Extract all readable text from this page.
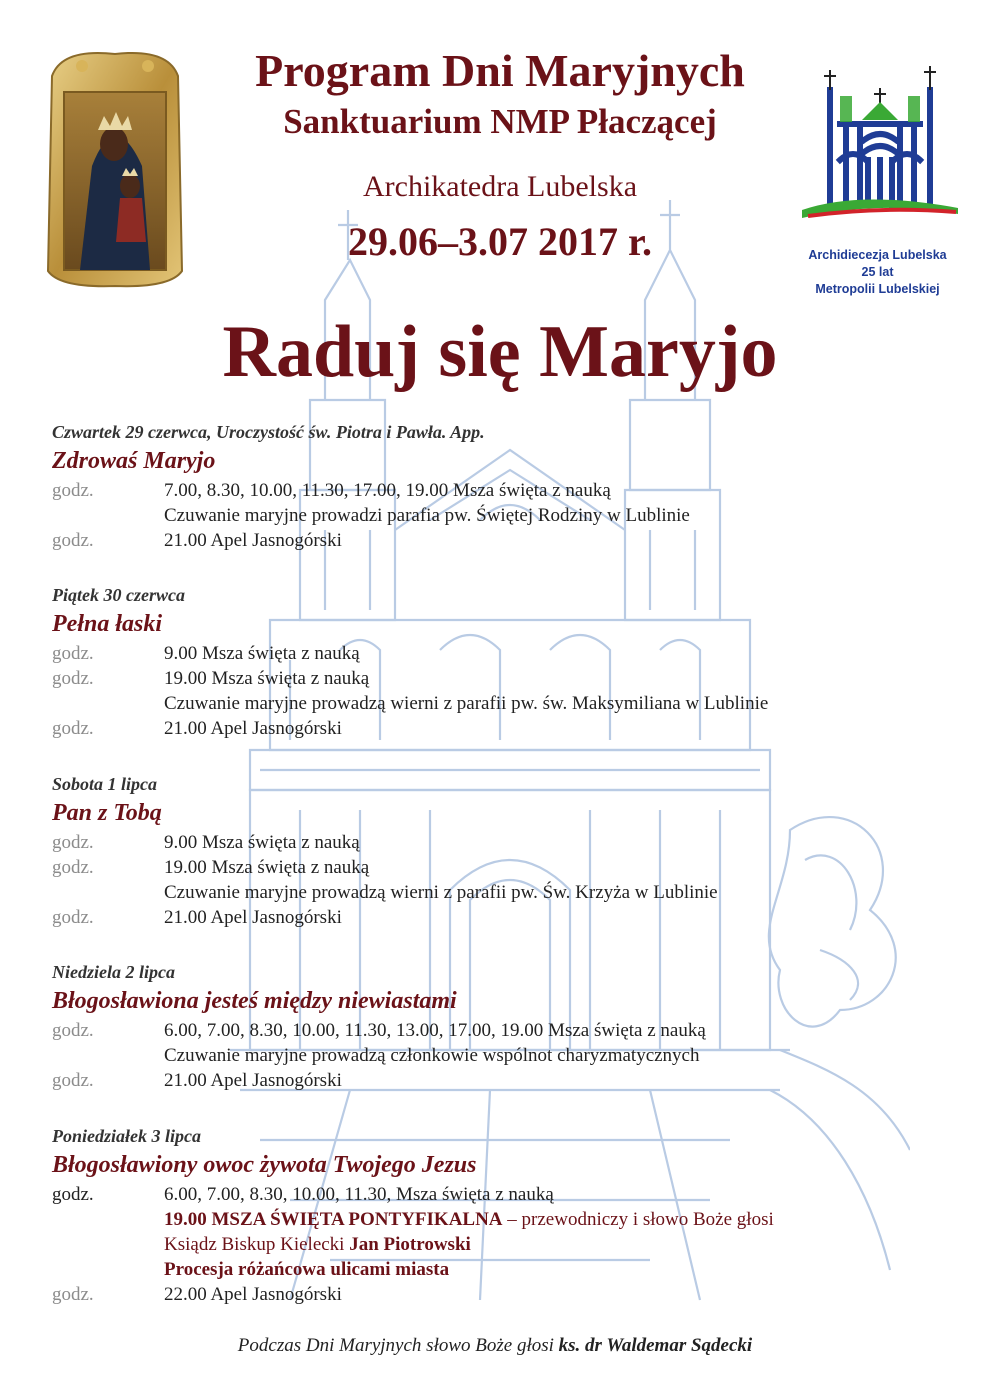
Program Dni Maryjnych
Sanktuarium NMP Płaczącej
Archikatedra Lubelska
29.06–3.07 2017 r.
Raduj się Maryjo
Archidiecezja Lubelska
25 lat
Metropolii Lubelskiej
Czwartek 29 czerwca, Uroczystość św. Piotra i Pawła. App.
Zdrowaś Maryjo
godz.	7.00, 8.30, 10.00, 11.30, 17.00, 19.00 Msza święta z nauką
Czuwanie maryjne prowadzi parafia pw. Świętej Rodziny w Lublinie
godz.	21.00 Apel Jasnogórski
Piątek 30 czerwca
Pełna łaski
godz.	9.00 Msza święta z nauką
godz.	19.00 Msza święta z nauką
Czuwanie maryjne prowadzą wierni z parafii pw. św. Maksymiliana w Lublinie
godz.	21.00 Apel Jasnogórski
Sobota 1 lipca
Pan z Tobą
godz.	9.00 Msza święta z nauką
godz.	19.00 Msza święta z nauką
Czuwanie maryjne prowadzą wierni z parafii pw. Św. Krzyża w Lublinie
godz.	21.00 Apel Jasnogórski
Niedziela 2 lipca
Błogosławiona jesteś między niewiastami
godz.	6.00, 7.00, 8.30, 10.00, 11.30, 13.00, 17.00, 19.00 Msza święta z nauką
Czuwanie maryjne prowadzą członkowie wspólnot charyzmatycznych
godz.	21.00 Apel Jasnogórski
Poniedziałek 3 lipca
Błogosławiony owoc żywota Twojego Jezus
godz.	6.00, 7.00, 8.30, 10.00, 11.30, Msza święta z nauką
19.00 MSZA ŚWIĘTA PONTYFIKALNA – przewodniczy i słowo Boże głosi
Ksiądz Biskup Kielecki Jan Piotrowski
Procesja różańcowa ulicami miasta
godz.	22.00 Apel Jasnogórski
Podczas Dni Maryjnych słowo Boże głosi ks. dr Waldemar Sądecki
